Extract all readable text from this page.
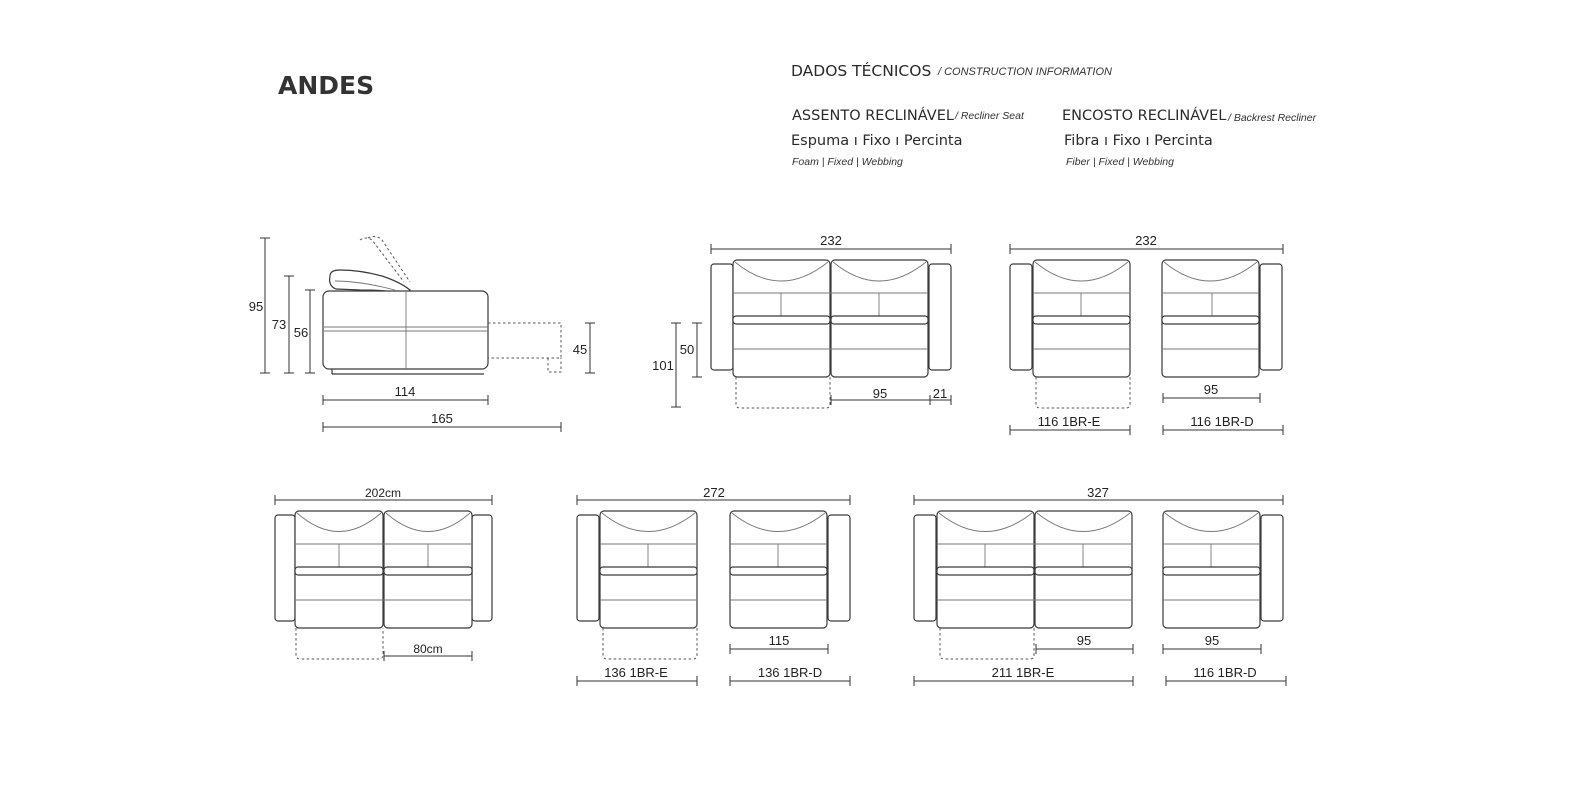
ANDES	DADOS TÉCNICOS / CONSTRUCTION INFORMATION
ASSENTO RECLINÁVEL / Recliner Seat
Espuma ı Fixo ı Percinta
Foam | Fixed | Webbing
ENCOSTO RECLINÁVEL / Backrest Recliner
Fibra ı Fixo ı Percinta
Fiber | Fixed | Webbing
95
73
56
45
114
165
232
101
50
95	21
232
95
116 1BR-E	116 1BR-D
202cm
80cm
272
115
136 1BR-E	136 1BR-D
327
95	95
211 1BR-E	116 1BR-D
